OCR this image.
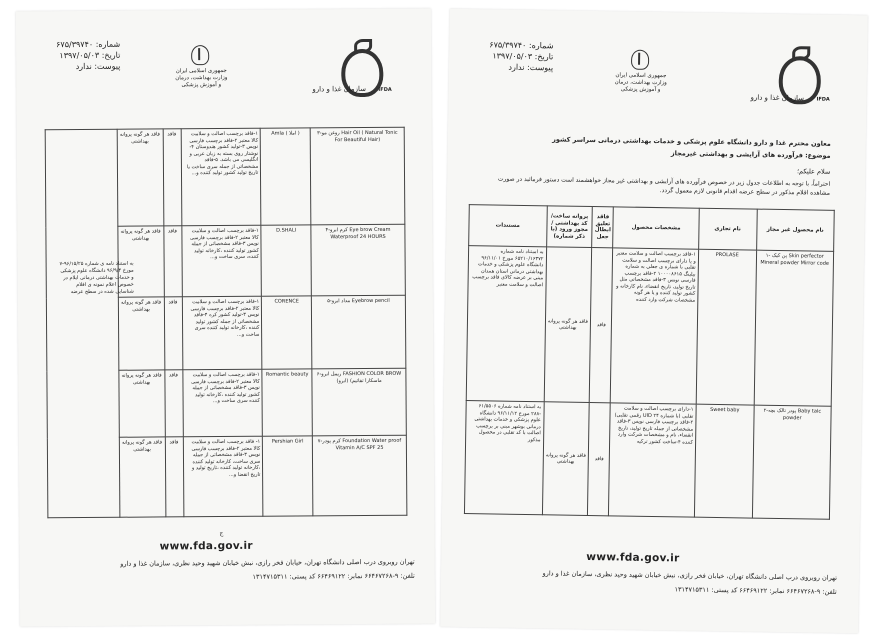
شماره: ۶۷۵/۳۹۷۴۰
تاریخ: ۱۳۹۷/۰۵/۰۳
پیوست: ندارد
جمهوری اسلامی ایران
وزارت بهداشت، درمان
و آموزش پزشکی
IFDA
سازمان غذا و دارو
	فاقد هر گونه پروانه بهداشتی	فاقد	۱-فاقد برچسب اصالت و سلامت کالا معتبر ۲-فاقد برچسب فارسی نویس ۳-تولید کشور هندوستان ۴-نوشتار روی بسته به زبان عربی و انگلیسی می باشد. ۵-فاقد مشخصاتی از جمله سری ساخت یا تاریخ تولید کشور تولید کننده و...	Amla ( املا )	۳-روغن مو Hair Oil ( Natural Tonic For Beautiful Hair)
	فاقد هر گونه پروانه بهداشتی	فاقد	۱-فاقد برچسب اصالت و سلامت کالا معتبر ۲-فاقد برچسب فارسی نویس ۳-فاقد مشخصاتی از جمله کشور تولید کننده ،کارخانه تولید کننده، سری ساخت و...	D.SHALI	۴-کرم ابرو Eye brow Cream Waterproof 24 HOURS
	فاقد هر گونه پروانه بهداشتی	فاقد	۱-فاقد برچسب اصالت و سلامت کالا معتبر ۲-فاقد برچسب فارسی نویس ۳-تولید کشور کره ۴-فاقد مشخصاتی از جمله کشور تولید کننده ،کارخانه تولید کننده سری ساخت و...	CORENCE	۵-مداد ابرو Eyebrow pencil
	فاقد هر گونه پروانه بهداشتی	فاقد	۱-فاقد برچسب اصالت و سلامت کالا معتبر ۲-فاقد برچسب فارسی نویس ۳-فاقد مشخصاتی از جمله کشور تولید کننده ،کارخانه تولید کننده سری ساخت و...	Romantic beauty	۶-ریمل ابرو FASHION COLOR BROW (ابرو) (ماسکارا تفاتیم
	فاقد هر گونه پروانه بهداشتی	فاقد	۱- فاقد برچسب اصالت و سلامت کالا معتبر ۲-فاقد برچسب فارسی نویس ۳-فاقد مشخصاتی از جمله سری ساخت، کارخانه تولید کننده ،کارخانه تولید کننده ،تاریخ تولید و تاریخ انقضا و...	Pershian Girl	۷-کرم پودر Foundation Water proof Vitamin A/C SPF 25
به استناد نامه ی شماره ۹۶/۱۵/۲۵-۷ مورخ ۹۶/۹/۴ دانشگاه علوم پزشکی و خدمات بهداشتی درمانی ایلام در خصوص اعلام نمونه ی اقلام شناسایی شده در سطح عرضه
ج
www.fda.gov.ir
تهران روبروی درب اصلی دانشگاه تهران، خیابان فخر رازی، نبش خیابان شهید وحید نظری، سازمان غذا و دارو
تلفن: ۹-۶۶۴۶۷۲۶۸ نمابر: ۶۶۴۶۹۱۲۲ کد پستی: ۱۳۱۴۷۱۵۳۱۱
شماره: ۶۷۵/۳۹۷۴۰
تاریخ: ۱۳۹۷/۰۵/۰۳
پیوست: ندارد
جمهوری اسلامی ایران
وزارت بهداشت، درمان
و آموزش پزشکی
IFDA
سازمان غذا و دارو
معاون محترم غذا و دارو دانشگاه علوم پزشکی و خدمات بهداشتی درمانی سراسر کشور
موضوع: فرآورده های آرایشی و بهداشتی غیرمجاز
سلام علیکم؛
احتراماً، با توجه به اطلاعات جدول زیر در خصوص فرآورده های آرایشی و بهداشتی غیر مجاز خواهشمند است دستور فرمائید در صورت مشاهده اقلام مذکور در سطح عرضه اقدام قانونی لازم معمول گردد.
مستندات	پروانه ساخت/کد بهداشتی / مجوز ورود (با ذکر شماره)	فاقد تعلیق ابطال جعل	مشخصات محصول	نام تجاری	نام محصول غیر مجاز
به استناد نامه شماره ۶۵۲۱۰/۱۶۳۷۲ مورخ ۹۶/۱۱/۰۱ دانشگاه علوم پزشکی و خدمات بهداشتی درمانی استان همدان مبنی بر عرضه کالای فاقد برچسب اصالت و سلامت معتبر	فاقد هر گونه پروانه بهداشتی	فاقد	۱-فاقد برچسب اصالت و سلامت معتبر و یا دارای برچسب اصالت و سلامت تقلبی با شماره ی جعلی به شماره بیلینگ ۱۰۰۰۰۸۶۱۵ ۲-فاقد برچسب فارسی نویس ۳-فاقد مشخصاتی مثل تاریخ تولید، تاریخ انقضاء، نام کارخانه و کشور تولید کننده و یا هر گونه مشخصات شرکت وارد کننده	PROLASE	۱- پن کیک Skin perfector Mineral powder Mirror code
به استناد نامه شماره ۶۱/۵۵۰۶ -۲۸۸ مورخ ۹۶/۱۱/۱۲ دانشگاه علوم پزشکی و خدمات بهداشتی درمانی بوشهر مبنی بر برچسب اصالت با کد تقلبی در محصول مذکور	فاقد هر گونه پروانه بهداشتی	فاقد	۱-دارای برچسب اصالت و سلامت تقلبی (با شماره UID ۲۴ رقمی تقلبی) ۲-فاقد برچسب فارسی نویس ۳-فاقد مشخصاتی از جمله تاریخ تولید، تاریخ انقضاء، نام و مشخصات شرکت وارد کننده ۴-ساخت کشور ترکیه	Sweet baby	۲-پودر تالک بچه Baby talc powder
www.fda.gov.ir
تهران روبروی درب اصلی دانشگاه تهران، خیابان فخر رازی، نبش خیابان شهید وحید نظری، سازمان غذا و دارو
تلفن: ۹-۶۶۴۶۷۲۶۸ نمابر: ۶۶۴۶۹۱۲۲ کد پستی: ۱۳۱۴۷۱۵۳۱۱
